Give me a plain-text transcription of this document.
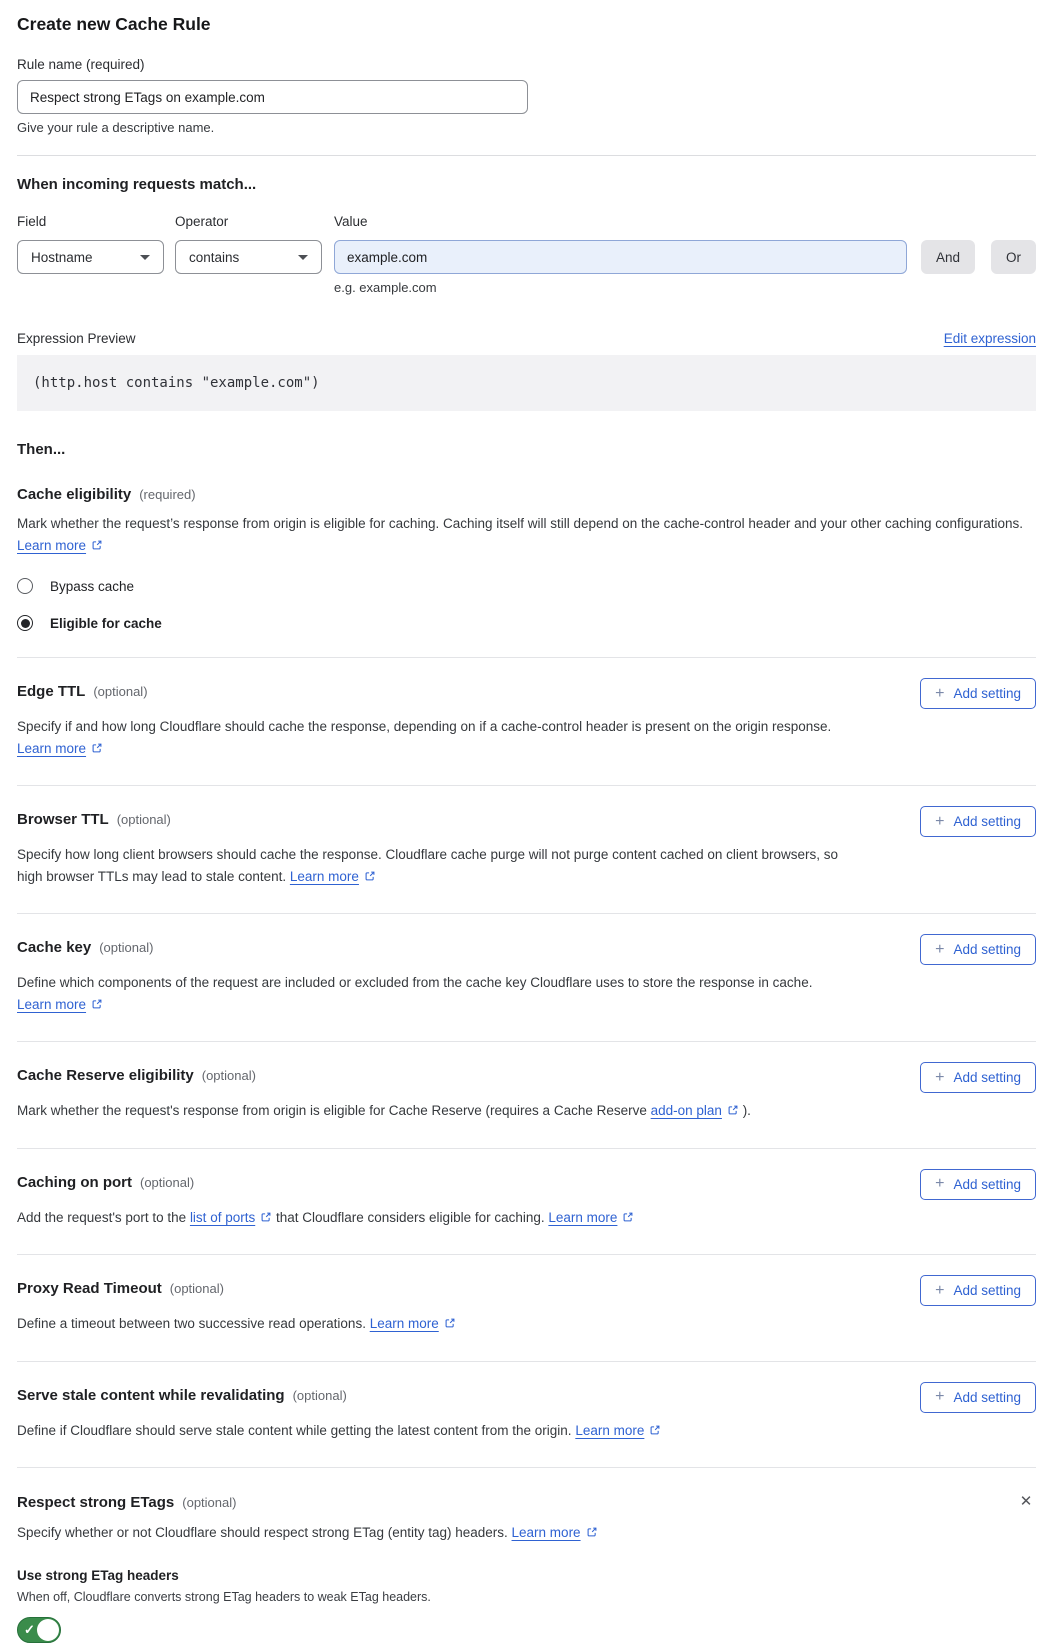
Create new Cache Rule
Rule name (required)
Respect strong ETags on example.com
Give your rule a descriptive name.
When incoming requests match...
Field
Hostname
Operator
contains
Value
example.com
e.g. example.com
And	Or
Expression Preview	Edit expression
(http.host contains "example.com")
Then...
Cache eligibility (required)

Mark whether the request’s response from origin is eligible for caching. Caching itself will still depend on the cache-control header and your other caching configurations. Learn more

Bypass cache
Eligible for cache
Edge TTL (optional) +	Add setting

Specify if and how long Cloudflare should cache the response, depending on if a cache-control header is present on the origin response. Learn more

Browser TTL (optional) +	Add setting

Specify how long client browsers should cache the response. Cloudflare cache purge will not purge content cached on client browsers, so high browser TTLs may lead to stale content. Learn more

Cache key (optional) +	Add setting

Define which components of the request are included or excluded from the cache key Cloudflare uses to store the response in cache. Learn more

Cache Reserve eligibility (optional) +	Add setting

Mark whether the request's response from origin is eligible for Cache Reserve (requires a Cache Reserve add-on plan ).

Caching on port (optional) +	Add setting

Add the request's port to the list of ports that Cloudflare considers eligible for caching. Learn more

Proxy Read Timeout (optional) +	Add setting

Define a timeout between two successive read operations. Learn more

Serve stale content while revalidating (optional) +	Add setting

Define if Cloudflare should serve stale content while getting the latest content from the origin. Learn more

Respect strong ETags (optional)
✕

Specify whether or not Cloudflare should respect strong ETag (entity tag) headers. Learn more

Use strong ETag headers
When off, Cloudflare converts strong ETag headers to weak ETag headers.
✓
